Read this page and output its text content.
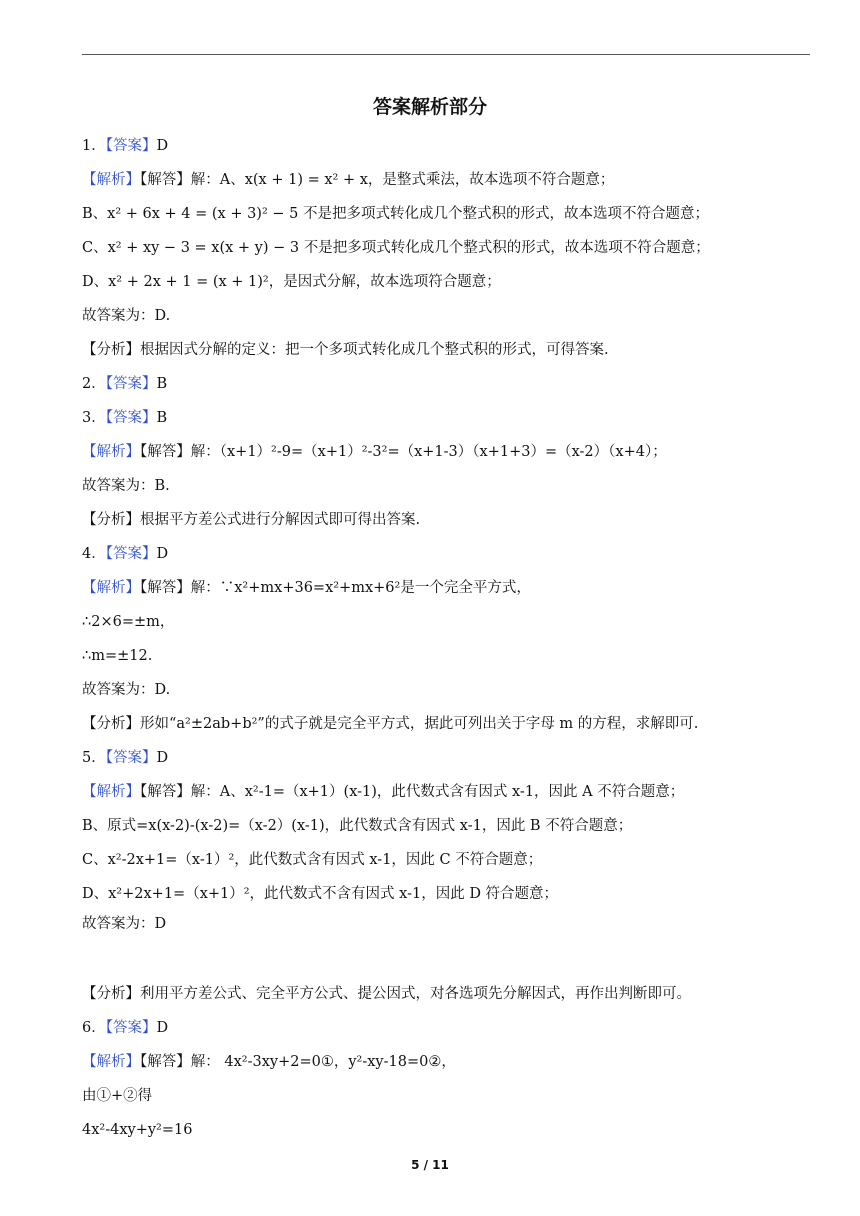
答案解析部分
1．【答案】D
【解析】【解答】解：A、x(x + 1) = x² + x，是整式乘法，故本选项不符合题意；
B、x² + 6x + 4 = (x + 3)² − 5 不是把多项式转化成几个整式积的形式，故本选项不符合题意；
C、x² + xy − 3 = x(x + y) − 3 不是把多项式转化成几个整式积的形式，故本选项不符合题意；
D、x² + 2x + 1 = (x + 1)²，是因式分解，故本选项符合题意；
故答案为：D.
【分析】根据因式分解的定义：把一个多项式转化成几个整式积的形式，可得答案.
2．【答案】B
3．【答案】B
【解析】【解答】解：（x+1）²-9=（x+1）²-3²=（x+1-3）（x+1+3）=（x-2）（x+4）；
故答案为：B.
【分析】根据平方差公式进行分解因式即可得出答案.
4．【答案】D
【解析】【解答】解：∵x²+mx+36=x²+mx+6²是一个完全平方式，
∴2×6=±m，
∴m=±12.
故答案为：D.
【分析】形如“a²±2ab+b²”的式子就是完全平方式，据此可列出关于字母 m 的方程，求解即可.
5．【答案】D
【解析】【解答】解：A、x²-1=（x+1）(x-1)，此代数式含有因式 x-1，因此 A 不符合题意；
B、原式=x(x-2)-(x-2)=（x-2）(x-1)，此代数式含有因式 x-1，因此 B 不符合题意；
C、x²-2x+1=（x-1）²，此代数式含有因式 x-1，因此 C 不符合题意；
D、x²+2x+1=（x+1）²，此代数式不含有因式 x-1，因此 D 符合题意；
故答案为：D
【分析】利用平方差公式、完全平方公式、提公因式，对各选项先分解因式，再作出判断即可。
6．【答案】D
【解析】【解答】解： 4x²-3xy+2=0①，y²-xy-18=0②，
由①+②得
4x²-4xy+y²=16
5 / 11
